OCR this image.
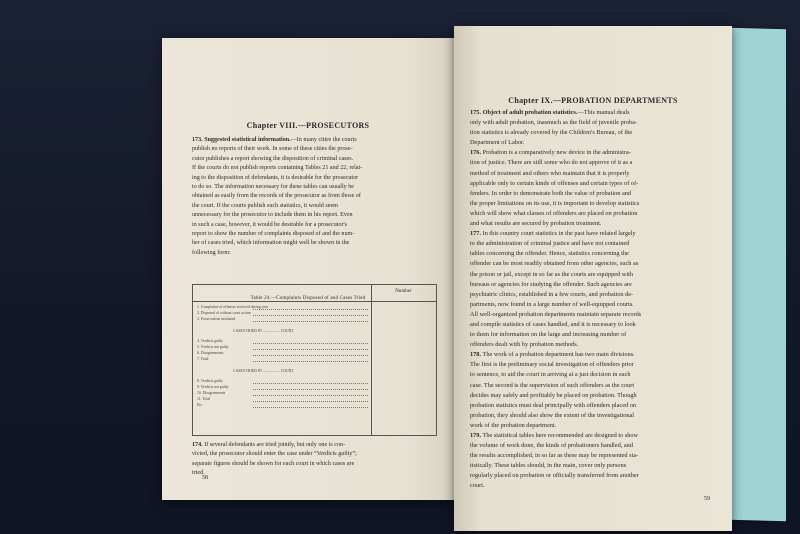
Chapter VIII.—PROSECUTORS
173. Suggested statistical information.—In many cities the courts
publish no reports of their work. In some of these cities the prose-
cutor publishes a report showing the disposition of criminal cases.
If the courts do not publish reports containing Tables 21 and 22, relat-
ing to the disposition of defendants, it is desirable for the prosecutor
to do so. The information necessary for these tables can usually be
obtained as easily from the records of the prosecutor as from those of
the court. If the courts publish such statistics, it would seem
unnecessary for the prosecutor to include them in his report. Even
in such a case, however, it would be desirable for a prosecutor's
report to show the number of complaints disposed of and the num-
ber of cases tried, which information might well be shown in the
following form:
Table 24.—Complaints Disposed of and Cases Tried
Number
1. Complaints of offenses received during year
2. Disposed of without court action
3. Prosecutions instituted
CASES TRIED IN .................. COURT
4. Verdicts guilty
5. Verdicts not guilty
6. Disagreements
7. Total
CASES TRIED IN .................. COURT
8. Verdicts guilty
9. Verdicts not guilty
10. Disagreements
11. Total
Etc.
174. If several defendants are tried jointly, but only one is con-
victed, the prosecutor should enter the case under “Verdicts guilty”;
separate figures should be shown for each court in which cases are
tried.
58
Chapter IX.—PROBATION DEPARTMENTS
175. Object of adult probation statistics.—This manual deals
only with adult probation, inasmuch as the field of juvenile proba-
tion statistics is already covered by the Children's Bureau, of the
Department of Labor.
176. Probation is a comparatively new device in the administra-
tion of justice. There are still some who do not approve of it as a
method of treatment and others who maintain that it is properly
applicable only to certain kinds of offenses and certain types of of-
fenders. In order to demonstrate both the value of probation and
the proper limitations on its use, it is important to develop statistics
which will show what classes of offenders are placed on probation
and what results are secured by probation treatment.
177. In this country court statistics in the past have related largely
to the administration of criminal justice and have not contained
tables concerning the offender. Hence, statistics concerning the
offender can be most readily obtained from other agencies, such as
the prison or jail, except in so far as the courts are equipped with
bureaus or agencies for studying the offender. Such agencies are
psychiatric clinics, established in a few courts, and probation de-
partments, now found in a large number of well-equipped courts.
All well-organized probation departments maintain separate records
and compile statistics of cases handled, and it is necessary to look
to them for information on the large and increasing number of
offenders dealt with by probation methods.
178. The work of a probation department has two main divisions.
The first is the preliminary social investigation of offenders prior
to sentence, to aid the court in arriving at a just decision in each
case. The second is the supervision of such offenders as the court
decides may safely and profitably be placed on probation. Though
probation statistics must deal principally with offenders placed on
probation, they should also show the extent of the investigational
work of the probation department.
179. The statistical tables here recommended are designed to show
the volume of work done, the kinds of probationers handled, and
the results accomplished, in so far as these may be represented sta-
tistically. These tables should, in the main, cover only persons
regularly placed on probation or officially transferred from another
court.
59
